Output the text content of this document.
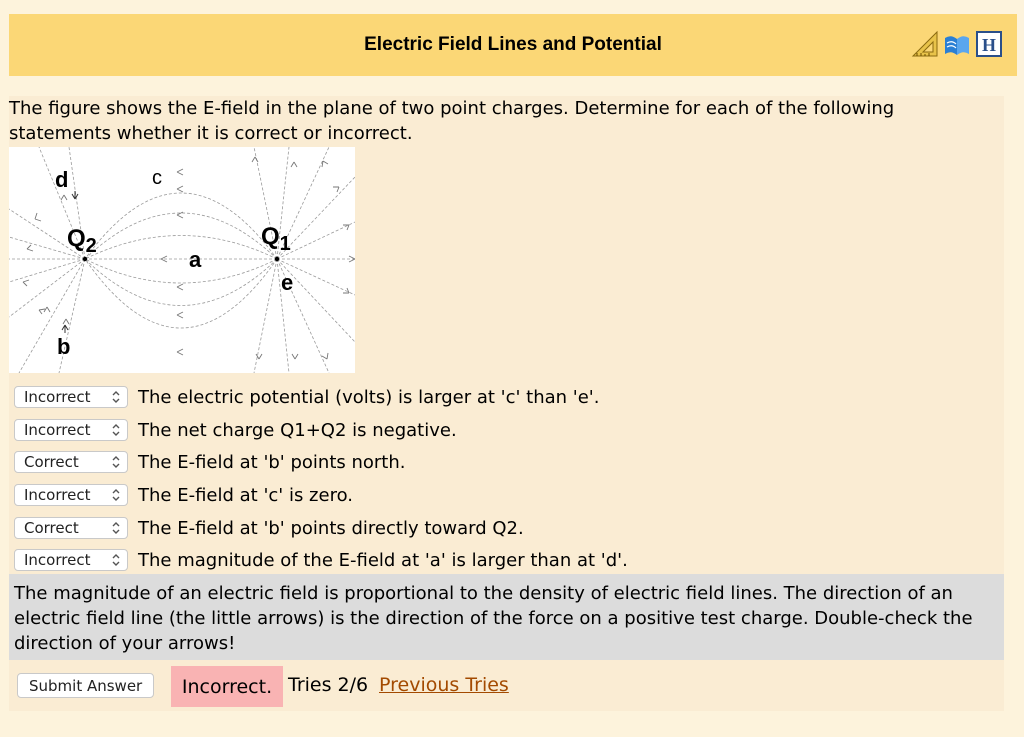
Electric Field Lines and Potential	H

The figure shows the E-field in the plane of two point charges. Determine for each of the following statements whether it is correct or incorrect.

d	c
a
e
b
$Q_2$	$Q_1$
Incorrect	The electric potential (volts) is larger at 'c' than 'e'.
Incorrect	The net charge Q1+Q2 is negative.
Correct	The E-field at 'b' points north.
Incorrect	The E-field at 'c' is zero.
Correct	The E-field at 'b' points directly toward Q2.
Incorrect	The magnitude of the E-field at 'a' is larger than at 'd'.
The magnitude of an electric field is proportional to the density of electric field lines. The direction of an electric field line (the little arrows) is the direction of the force on a positive test charge. Double-check the direction of your arrows!
Submit Answer	Incorrect. Tries 2/6 Previous Tries
